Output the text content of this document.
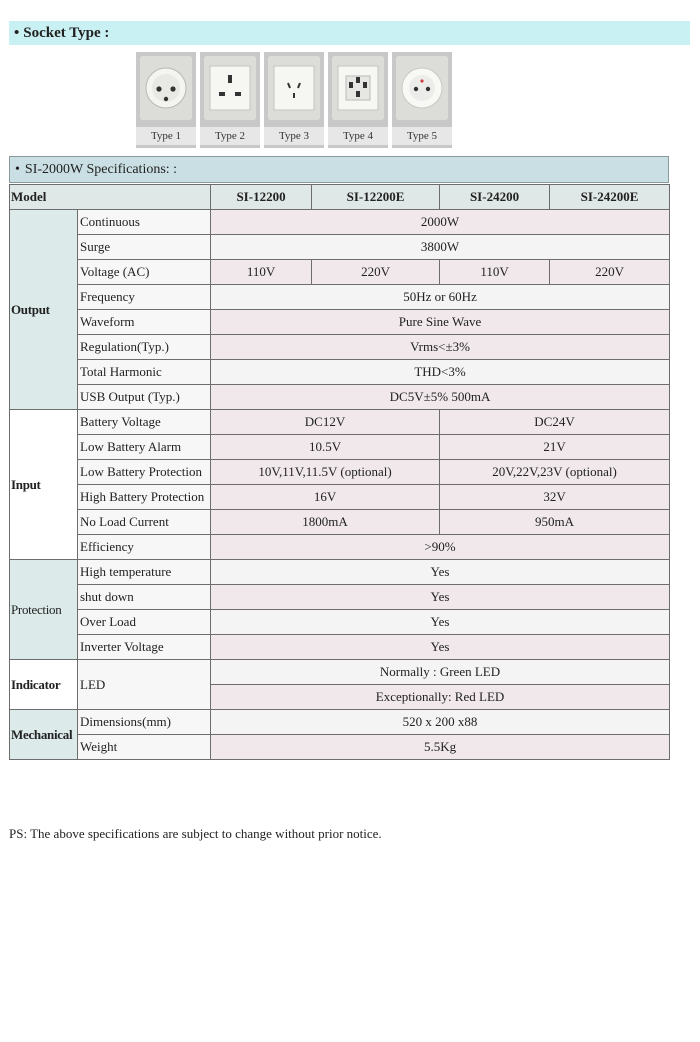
• Socket Type :
Type 1	Type 2	Type 3	Type 4	Type 5
• SI-2000W Specifications: :
Model		SI-12200	SI-12200E	SI-24200	SI-24200E
Output	Continuous	2000W			
	Surge	3800W			
	Voltage (AC)	110V	220V	110V	220V
	Frequency	50Hz or 60Hz			
	Waveform	Pure Sine Wave			
	Regulation(Typ.)	Vrms<±3%			
	Total Harmonic	THD<3%			
	USB Output (Typ.)	DC5V±5% 500mA			
Input	Battery Voltage	DC12V		DC24V	
	Low Battery Alarm	10.5V		21V	
	Low Battery Protection	10V,11V,11.5V (optional)		20V,22V,23V (optional)	
	High Battery Protection	16V		32V	
	No Load Current	1800mA		950mA	
	Efficiency	>90%			
Protection	High temperature	Yes			
	shut down	Yes			
	Over Load	Yes			
	Inverter Voltage	Yes			
Indicator	LED	Normally : Green LED			
		Exceptionally: Red LED			
Mechanical	Dimensions(mm)	520 x 200 x88			
	Weight	5.5Kg			
PS: The above specifications are subject to change without prior notice.
